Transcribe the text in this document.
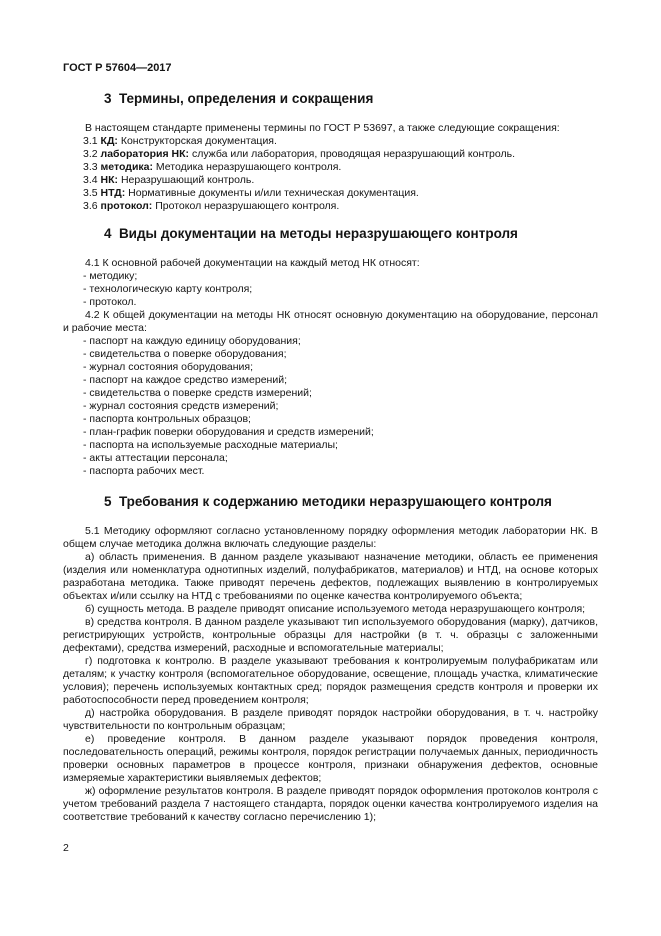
ГОСТ Р 57604—2017
3 Термины, определения и сокращения

В настоящем стандарте применены термины по ГОСТ Р 53697, а также следующие сокращения:

3.1 КД: Конструкторская документация.
3.2 лаборатория НК: служба или лаборатория, проводящая неразрушающий контроль.
3.3 методика: Методика неразрушающего контроля.
3.4 НК: Неразрушающий контроль.
3.5 НТД: Нормативные документы и/или техническая документация.
3.6 протокол: Протокол неразрушающего контроля.
4 Виды документации на методы неразрушающего контроля

4.1 К основной рабочей документации на каждый метод НК относят:

- методику;
- технологическую карту контроля;
- протокол.

4.2 К общей документации на методы НК относят основную документацию на оборудование, персонал и рабочие места:

- паспорт на каждую единицу оборудования;
- свидетельства о поверке оборудования;
- журнал состояния оборудования;
- паспорт на каждое средство измерений;
- свидетельства о поверке средств измерений;
- журнал состояния средств измерений;
- паспорта контрольных образцов;
- план-график поверки оборудования и средств измерений;
- паспорта на используемые расходные материалы;
- акты аттестации персонала;
- паспорта рабочих мест.
5 Требования к содержанию методики неразрушающего контроля

5.1 Методику оформляют согласно установленному порядку оформления методик лаборатории НК. В общем случае методика должна включать следующие разделы:

а) область применения. В данном разделе указывают назначение методики, область ее применения (изделия или номенклатура однотипных изделий, полуфабрикатов, материалов) и НТД, на основе которых разработана методика. Также приводят перечень дефектов, подлежащих выявлению в контролируемых объектах и/или ссылку на НТД с требованиями по оценке качества контролируемого объекта;

б) сущность метода. В разделе приводят описание используемого метода неразрушающего контроля;

в) средства контроля. В данном разделе указывают тип используемого оборудования (марку), датчиков, регистрирующих устройств, контрольные образцы для настройки (в т. ч. образцы с заложенными дефектами), средства измерений, расходные и вспомогательные материалы;

г) подготовка к контролю. В разделе указывают требования к контролируемым полуфабрикатам или деталям; к участку контроля (вспомогательное оборудование, освещение, площадь участка, климатические условия); перечень используемых контактных сред; порядок размещения средств контроля и проверки их работоспособности перед проведением контроля;

д) настройка оборудования. В разделе приводят порядок настройки оборудования, в т. ч. настройку чувствительности по контрольным образцам;

е) проведение контроля. В данном разделе указывают порядок проведения контроля, последовательность операций, режимы контроля, порядок регистрации получаемых данных, периодичность проверки основных параметров в процессе контроля, признаки обнаружения дефектов, основные измеряемые характеристики выявляемых дефектов;

ж) оформление результатов контроля. В разделе приводят порядок оформления протоколов контроля с учетом требований раздела 7 настоящего стандарта, порядок оценки качества контролируемого изделия на соответствие требований к качеству согласно перечислению 1);

2
